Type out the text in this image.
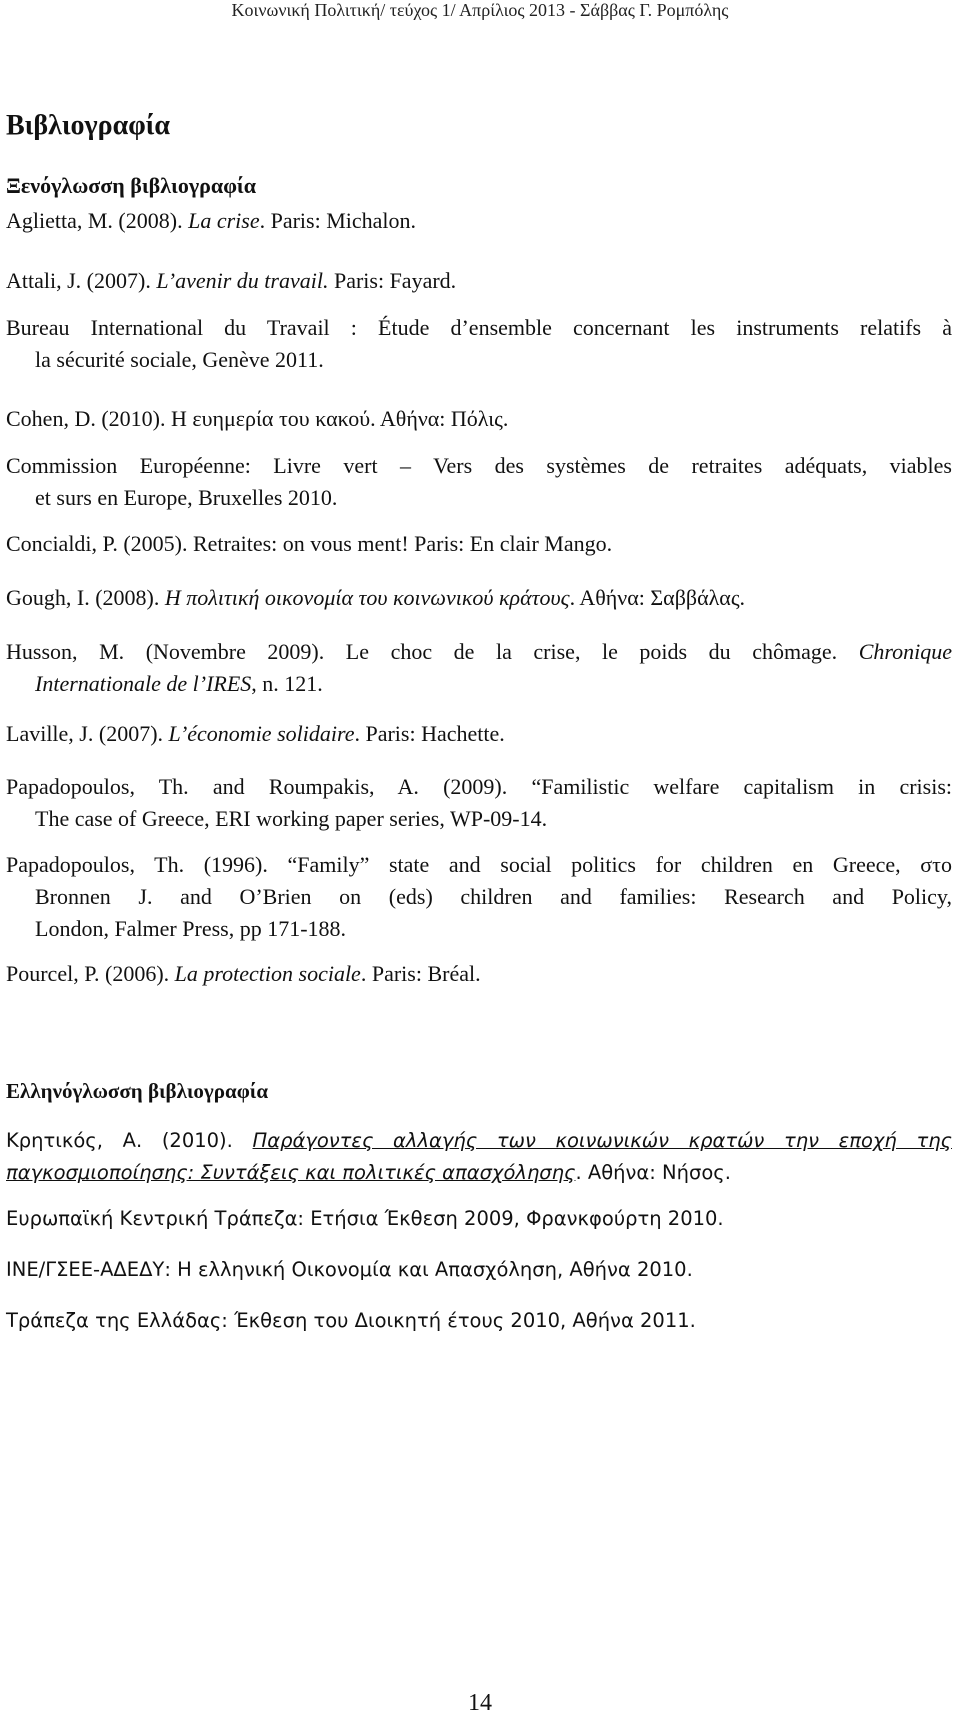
Κοινωνική Πολιτική/ τεύχος 1/ Απρίλιος 2013 - Σάββας Γ. Ρομπόλης
Βιβλιογραφία
Ξενόγλωσση βιβλιογραφία
Aglietta, M. (2008). La crise. Paris: Michalon.
Attali, J. (2007). L’avenir du travail. Paris: Fayard.
Bureau International du Travail : Étude d’ensemble concernant les instruments relatifs à
la sécurité sociale, Genève 2011.
Cohen, D. (2010). Η ευημερία του κακού. Αθήνα: Πόλις.
Commission Européenne: Livre vert – Vers des systèmes de retraites adéquats, viables
et surs en Europe, Bruxelles 2010.
Concialdi, P. (2005). Retraites: on vous ment! Paris: En clair Mango.
Gough, I. (2008). Η πολιτική οικονομία του κοινωνικού κράτους. Αθήνα: Σαββάλας.
Husson, M. (Novembre 2009). Le choc de la crise, le poids du chômage. Chronique
Internationale de l’IRES, n. 121.
Laville, J. (2007). L’économie solidaire. Paris: Hachette.
Papadopoulos, Th. and Roumpakis, A. (2009). “Familistic welfare capitalism in crisis:
The case of Greece, ERI working paper series, WP-09-14.
Papadopoulos, Th. (1996). “Family” state and social politics for children en Greece, στο
Bronnen J. and O’Brien on (eds) children and families: Research and Policy,
London, Falmer Press, pp 171-188.
Pourcel, P. (2006). La protection sociale. Paris: Bréal.
Ελληνόγλωσση βιβλιογραφία
Κρητικός, Α. (2010). Παράγοντες αλλαγής των κοινωνικών κρατών την εποχή της
παγκοσμιοποίησης: Συντάξεις και πολιτικές απασχόλησης. Αθήνα: Νήσος.
Ευρωπαϊκή Κεντρική Τράπεζα: Ετήσια Έκθεση 2009, Φρανκφούρτη 2010.
ΙΝΕ/ΓΣΕΕ-ΑΔΕΔΥ: Η ελληνική Οικονομία και Απασχόληση, Αθήνα 2010.
Τράπεζα της Ελλάδας: Έκθεση του Διοικητή έτους 2010, Αθήνα 2011.
14
